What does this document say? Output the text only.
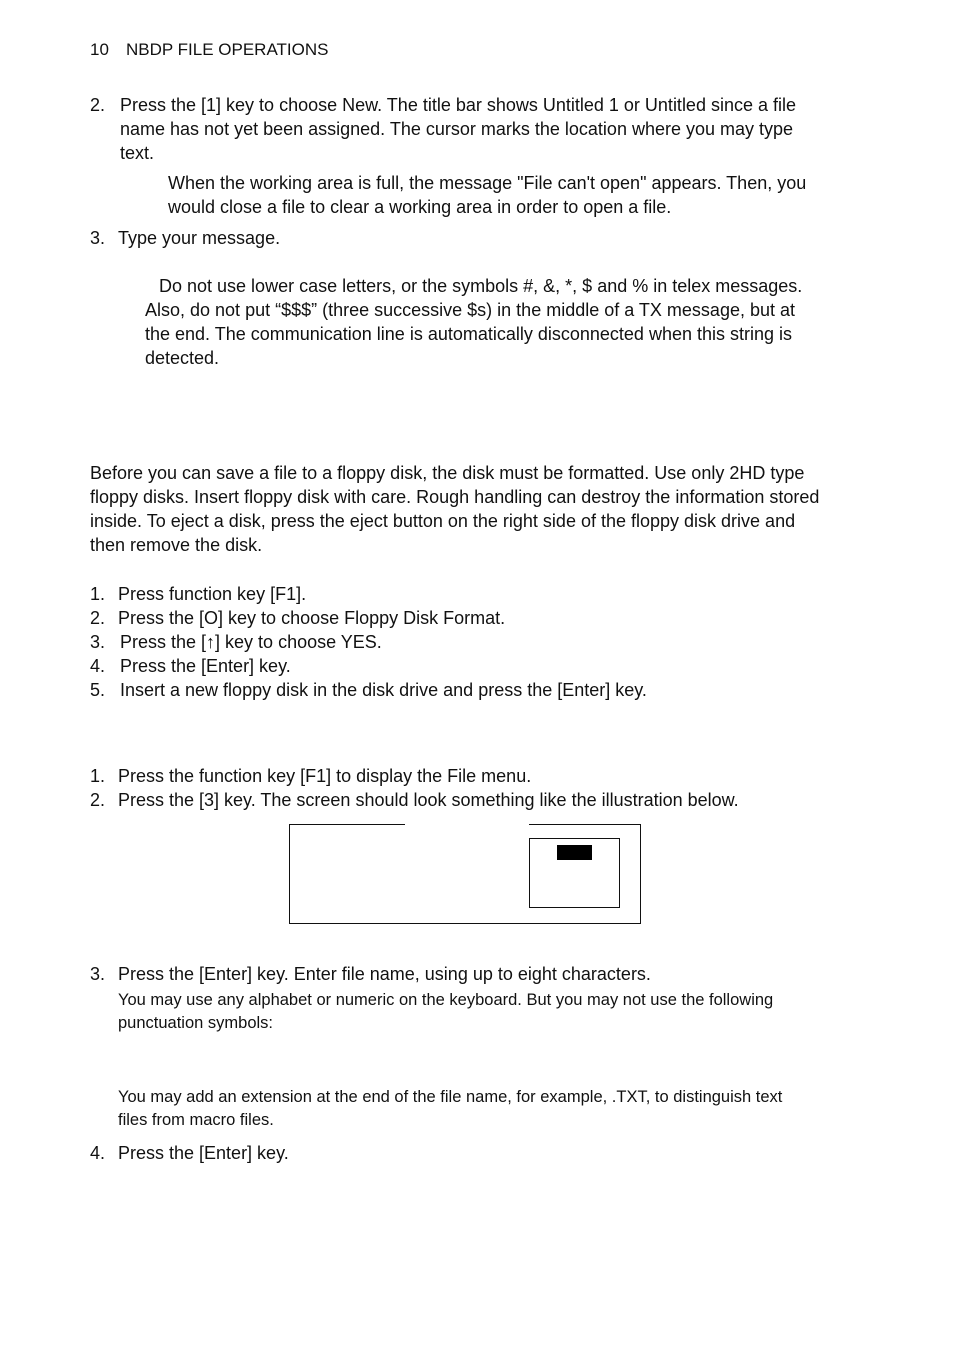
10 NBDP FILE OPERATIONS
2. Press the [1] key to choose New. The title bar shows Untitled 1 or Untitled since a file
name has not yet been assigned. The cursor marks the location where you may type
text.
When the working area is full, the message "File can't open" appears. Then, you
would close a file to clear a working area in order to open a file.
3. Type your message.
Do not use lower case letters, or the symbols #, &, *, $ and % in telex messages.
Also, do not put “$$$” (three successive $s) in the middle of a TX message, but at
the end. The communication line is automatically disconnected when this string is
detected.
Before you can save a file to a floppy disk, the disk must be formatted. Use only 2HD type
floppy disks. Insert floppy disk with care. Rough handling can destroy the information stored
inside. To eject a disk, press the eject button on the right side of the floppy disk drive and
then remove the disk.
1. Press function key [F1].
2. Press the [O] key to choose Floppy Disk Format.
3. Press the [↑] key to choose YES.
4. Press the [Enter] key.
5. Insert a new floppy disk in the disk drive and press the [Enter] key.
1. Press the function key [F1] to display the File menu.
2. Press the [3] key. The screen should look something like the illustration below.
3. Press the [Enter] key. Enter file name, using up to eight characters.
You may use any alphabet or numeric on the keyboard. But you may not use the following
punctuation symbols:
You may add an extension at the end of the file name, for example, .TXT, to distinguish text
files from macro files.
4. Press the [Enter] key.
